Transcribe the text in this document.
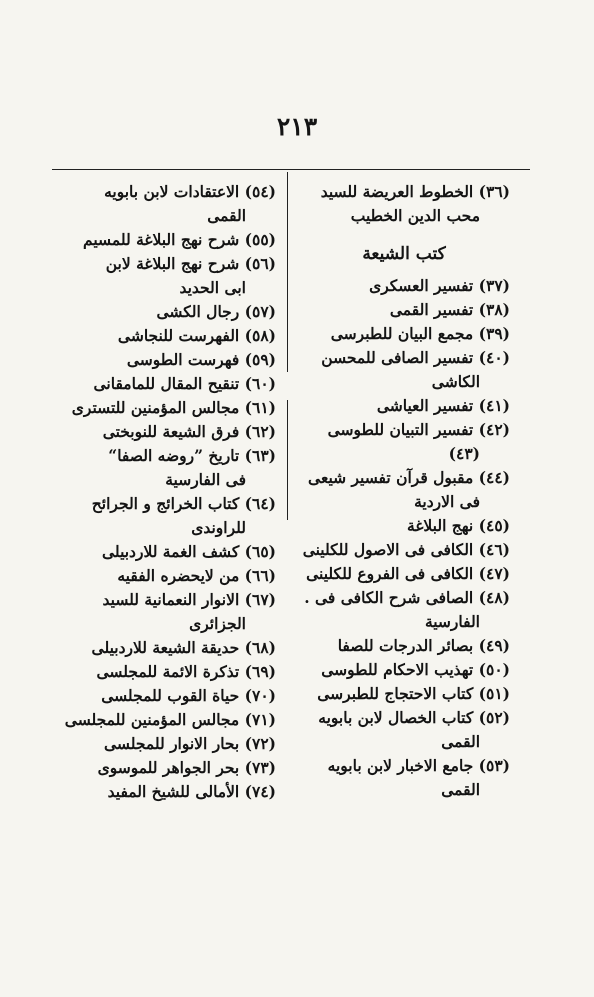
٢١٣
(٣٦) الخطوط العريضة للسيد
محب الدين الخطيب
كتب الشيعة
(٣٧) تفسير العسكرى
(٣٨) تفسير القمى
(٣٩) مجمع البيان للطبرسى
(٤٠) تفسير الصافى للمحسن
الكاشى
(٤١) تفسير العياشى
(٤٢) تفسير التبيان للطوسى
(٤٣)
(٤٤) مقبول قرآن تفسير شيعى
فى الاردية
(٤٥) نهج البلاغة
(٤٦) الكافى فى الاصول للكلينى
(٤٧) الكافى فى الفروع للكلينى
(٤٨) الصافى شرح الكافى فى .
الفارسية
(٤٩) بصائر الدرجات للصفا
(٥٠) تهذيب الاحكام للطوسى
(٥١) كتاب الاحتجاج للطبرسى
(٥٢) كتاب الخصال لابن بابويه
القمى
(٥٣) جامع الاخبار لابن بابويه
القمى
(٥٤) الاعتقادات لابن بابويه
القمى
(٥٥) شرح نهج البلاغة للمسيم
(٥٦) شرح نهج البلاغة لابن
ابى الحديد
(٥٧) رجال الكشى
(٥٨) الفهرست للنجاشى
(٥٩) فهرست الطوسى
(٦٠) تنقيح المقال للمامقانى
(٦١) مجالس المؤمنين للتسترى
(٦٢) فرق الشيعة للنوبختى
(٦٣) تاريخ ”روضه الصفا“
فى الفارسية
(٦٤) كتاب الخرائج و الجرائح
للراوندى
(٦٥) كشف الغمة للاردبيلى
(٦٦) من لايحضره الفقيه
(٦٧) الانوار النعمانية للسيد
الجزائرى
(٦٨) حديقة الشيعة للاردبيلى
(٦٩) تذكرة الائمة للمجلسى
(٧٠) حياة القوب للمجلسى
(٧١) مجالس المؤمنين للمجلسى
(٧٢) بحار الانوار للمجلسى
(٧٣) بحر الجواهر للموسوى
(٧٤) الأمالى للشيخ المفيد
